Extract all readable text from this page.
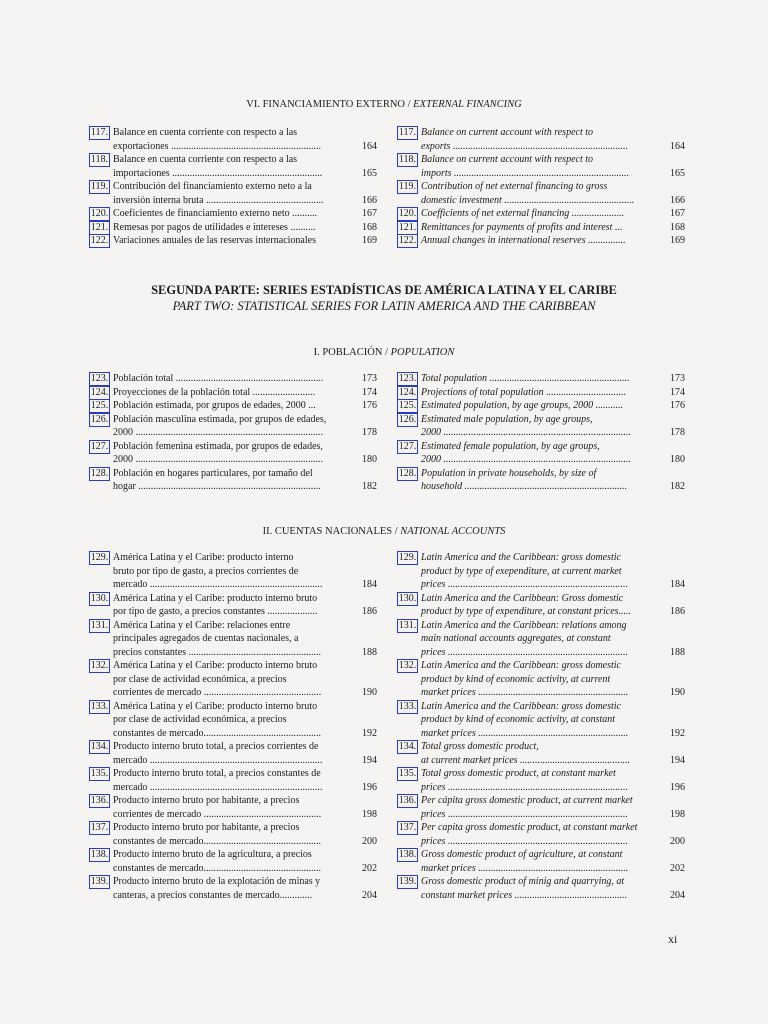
VI. FINANCIAMIENTO EXTERNO / EXTERNAL FINANCING
SEGUNDA PARTE: SERIES ESTADÍSTICAS DE AMÉRICA LATINA Y EL CARIBE
PART TWO: STATISTICAL SERIES FOR LATIN AMERICA AND THE CARIBBEAN
I. POBLACIÓN / POPULATION
II. CUENTAS NACIONALES / NATIONAL ACCOUNTS
117. Balance en cuenta corriente con respecto a las
exportaciones ............................................................	164
118. Balance en cuenta corriente con respecto a las
importaciones ............................................................	165
119. Contribución del financiamiento externo neto a la
inversión interna bruta ...............................................	166
120. Coeficientes de financiamiento externo neto ..........	167
121. Remesas por pagos de utilidades e intereses ..........	168
122. Variaciones anuales de las reservas internacionales	169
117. Balance on current account with respect to
exports ......................................................................	164
118. Balance on current account with respect to
imports ......................................................................	165
119. Contribution of net external financing to gross
domestic investment ....................................................	166
120. Coefficients of net external financing .....................	167
121. Remittances for payments of profits and interest ...	168
122. Annual changes in international reserves ...............	169
123. Población total ...........................................................	173
124. Proyecciones de la población total .........................	174
125. Población estimada, por grupos de edades, 2000 ...	176
126. Población masculina estimada, por grupos de edades,
2000 ...........................................................................	178
127. Población femenina estimada, por grupos de edades,
2000 ...........................................................................	180
128. Población en hogares particulares, por tamaño del
hogar .........................................................................	182
123. Total population ........................................................	173
124. Projections of total population ................................	174
125. Estimated population, by age groups, 2000 ...........	176
126. Estimated male population, by age groups,
2000 ...........................................................................	178
127. Estimated female population, by age groups,
2000 ...........................................................................	180
128. Population in private households, by size of
household .................................................................	182
129. América Latina y el Caribe: producto interno
bruto por tipo de gasto, a precios corrientes de
mercado .....................................................................	184
130. América Latina y el Caribe: producto interno bruto
por tipo de gasto, a precios constantes ....................	186
131. América Latina y el Caribe: relaciones entre
principales agregados de cuentas nacionales, a
precios constantes .....................................................	188
132. América Latina y el Caribe: producto interno bruto
por clase de actividad económica, a precios
corrientes de mercado ...............................................	190
133. América Latina y el Caribe: producto interno bruto
por clase de actividad económica, a precios
constantes de mercado...............................................	192
134. Producto interno bruto total, a precios corrientes de
mercado .....................................................................	194
135. Producto interno bruto total, a precios constantes de
mercado .....................................................................	196
136. Producto interno bruto por habitante, a precios
corrientes de mercado ...............................................	198
137. Producto interno bruto por habitante, a precios
constantes de mercado...............................................	200
138. Producto interno bruto de la agricultura, a precios
constantes de mercado...............................................	202
139. Producto interno bruto de la explotación de minas y
canteras, a precios constantes de mercado.............	204
129. Latin America and the Caribbean: gross domestic
product by type of exependiture, at current market
prices ........................................................................	184
130. Latin America and the Caribbean: Gross domestic
product by type of expenditure, at constant prices.....	186
131. Latin America and the Caribbean: relations among
main national accounts aggregates, at constant
prices ........................................................................	188
132. Latin America and the Caribbean: gross domestic
product by kind of economic activity, at current
market prices ............................................................	190
133. Latin America and the Caribbean: gross domestic
product by kind of economic activity, at constant
market prices ............................................................	192
134. Total gross domestic product,
at current market prices ............................................	194
135. Total gross domestic product, at constant market
prices ........................................................................	196
136. Per cápita gross domestic product, at current market
prices ........................................................................	198
137. Per capita gross domestic product, at constant market
prices ........................................................................	200
138. Gross domestic product of agriculture, at constant
market prices ............................................................	202
139. Gross domestic product of minig and quarrying, at
constant market prices .............................................	204
xi
